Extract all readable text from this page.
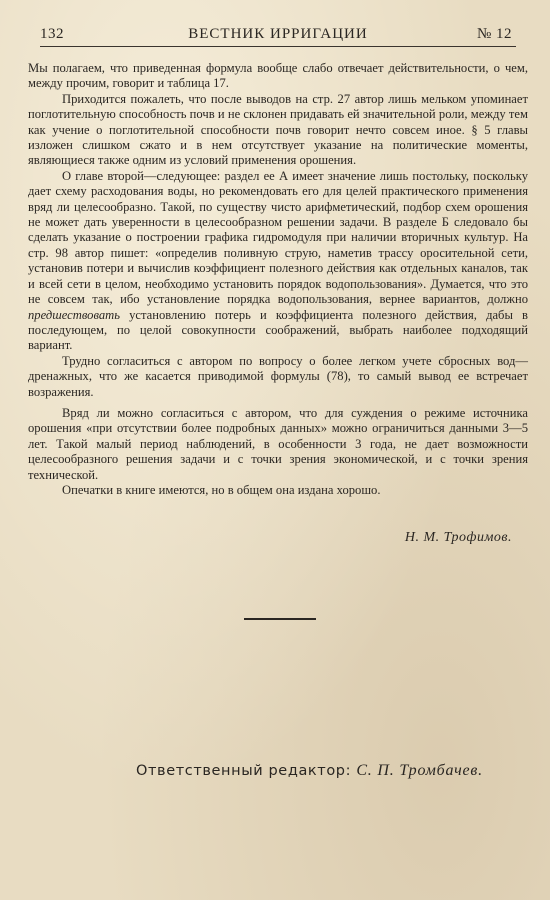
132	ВЕСТНИК ИРРИГАЦИИ	№ 12

Мы полагаем, что приведенная формула вообще слабо отвечает действительности, о чем, между прочим, говорит и таблица 17.

Приходится пожалеть, что после выводов на стр. 27 автор лишь мельком упоминает поглотительную способность почв и не склонен придавать ей значительной роли, между тем как учение о поглотительной способности почв говорит нечто совсем иное. § 5 главы изложен слишком сжато и в нем отсутствует указание на политические моменты, являющиеся также одним из условий применения орошения.

О главе второй—следующее: раздел ее А имеет значение лишь постольку, поскольку дает схему расходования воды, но рекомендовать его для целей практического применения вряд ли целесообразно. Такой, по существу чисто арифметический, подбор схем орошения не может дать уверенности в целесообразном решении задачи. В разделе Б следовало бы сделать указание о построении графика гидромодуля при наличии вторичных культур. На стр. 98 автор пишет: «определив поливную струю, наметив трассу оросительной сети, установив потери и вычислив коэффициент полезного действия как отдельных каналов, так и всей сети в целом, необходимо установить порядок водопользования». Думается, что это не совсем так, ибо установление порядка водопользования, вернее вариантов, должно предшествовать установлению потерь и коэффициента полезного действия, дабы в последующем, по целой совокупности соображений, выбрать наиболее подходящий вариант.

Трудно согласиться с автором по вопросу о более легком учете сбросных вод—дренажных, что же касается приводимой формулы (78), то самый вывод ее встречает возражения.

Вряд ли можно согласиться с автором, что для суждения о режиме источника орошения «при отсутствии более подробных данных» можно ограничиться данными 3—5 лет. Такой малый период наблюдений, в особенности 3 года, не дает возможности целесообразного решения задачи и с точки зрения экономической, и с точки зрения технической.

Опечатки в книге имеются, но в общем она издана хорошо.

Н. М. Трофимов.
Ответственный редактор: С. П. Тромбачев.
